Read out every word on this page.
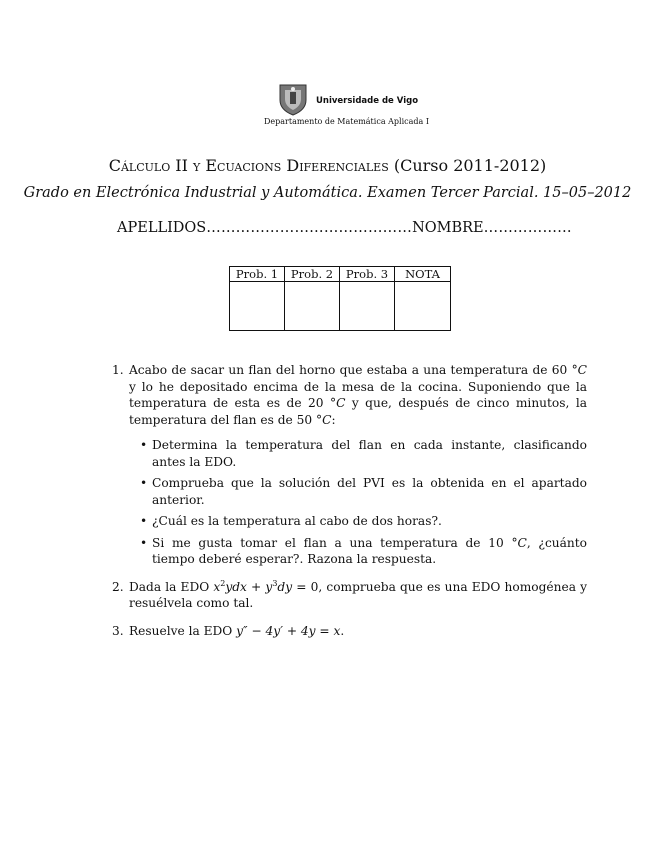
Universidade de Vigo
Departamento de Matemática Aplicada I
Cálculo II y Ecuacions Diferenciales (Curso 2011-2012)
Grado en Electrónica Industrial y Automática. Examen Tercer Parcial. 15–05–2012
APELLIDOS……………………………………NOMBRE………………
Prob. 1	Prob. 2	Prob. 3	NOTA

1. Acabo de sacar un flan del horno que estaba a una temperatura de 60 °C y lo he depositado encima de la mesa de la cocina. Suponiendo que la temperatura de esta es de 20 °C y que, después de cinco minutos, la temperatura del flan es de 50 °C:
• Determina la temperatura del flan en cada instante, clasificando antes la EDO.
• Comprueba que la solución del PVI es la obtenida en el apartado anterior.
• ¿Cuál es la temperatura al cabo de dos horas?.
• Si me gusta tomar el flan a una temperatura de 10 °C, ¿cuánto tiempo deberé esperar?. Razona la respuesta.
2. Dada la EDO $x^2ydx + y^3dy = 0$, comprueba que es una EDO homogénea y resuélvela como tal.
3. Resuelve la EDO y″ − 4y′ + 4y = x.
